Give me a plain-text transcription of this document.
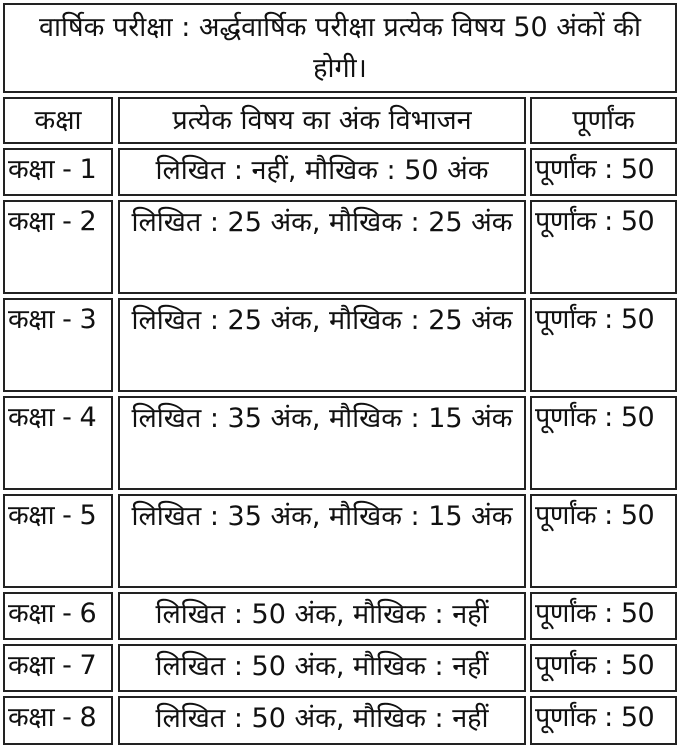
वार्षिक परीक्षा : अर्द्धवार्षिक परीक्षा प्रत्येक विषय 50 अंकों की होगी।
कक्षा	प्रत्येक विषय का अंक विभाजन	पूर्णांक
कक्षा - 1 लिखित : नहीं, मौखिक : 50 अंक पूर्णांक : 50
कक्षा - 2 लिखित : 25 अंक, मौखिक : 25 अंक पूर्णांक : 50
कक्षा - 3 लिखित : 25 अंक, मौखिक : 25 अंक पूर्णांक : 50
कक्षा - 4 लिखित : 35 अंक, मौखिक : 15 अंक पूर्णांक : 50
कक्षा - 5 लिखित : 35 अंक, मौखिक : 15 अंक पूर्णांक : 50
कक्षा - 6 लिखित : 50 अंक, मौखिक : नहीं पूर्णांक : 50
कक्षा - 7 लिखित : 50 अंक, मौखिक : नहीं पूर्णांक : 50
कक्षा - 8 लिखित : 50 अंक, मौखिक : नहीं पूर्णांक : 50
